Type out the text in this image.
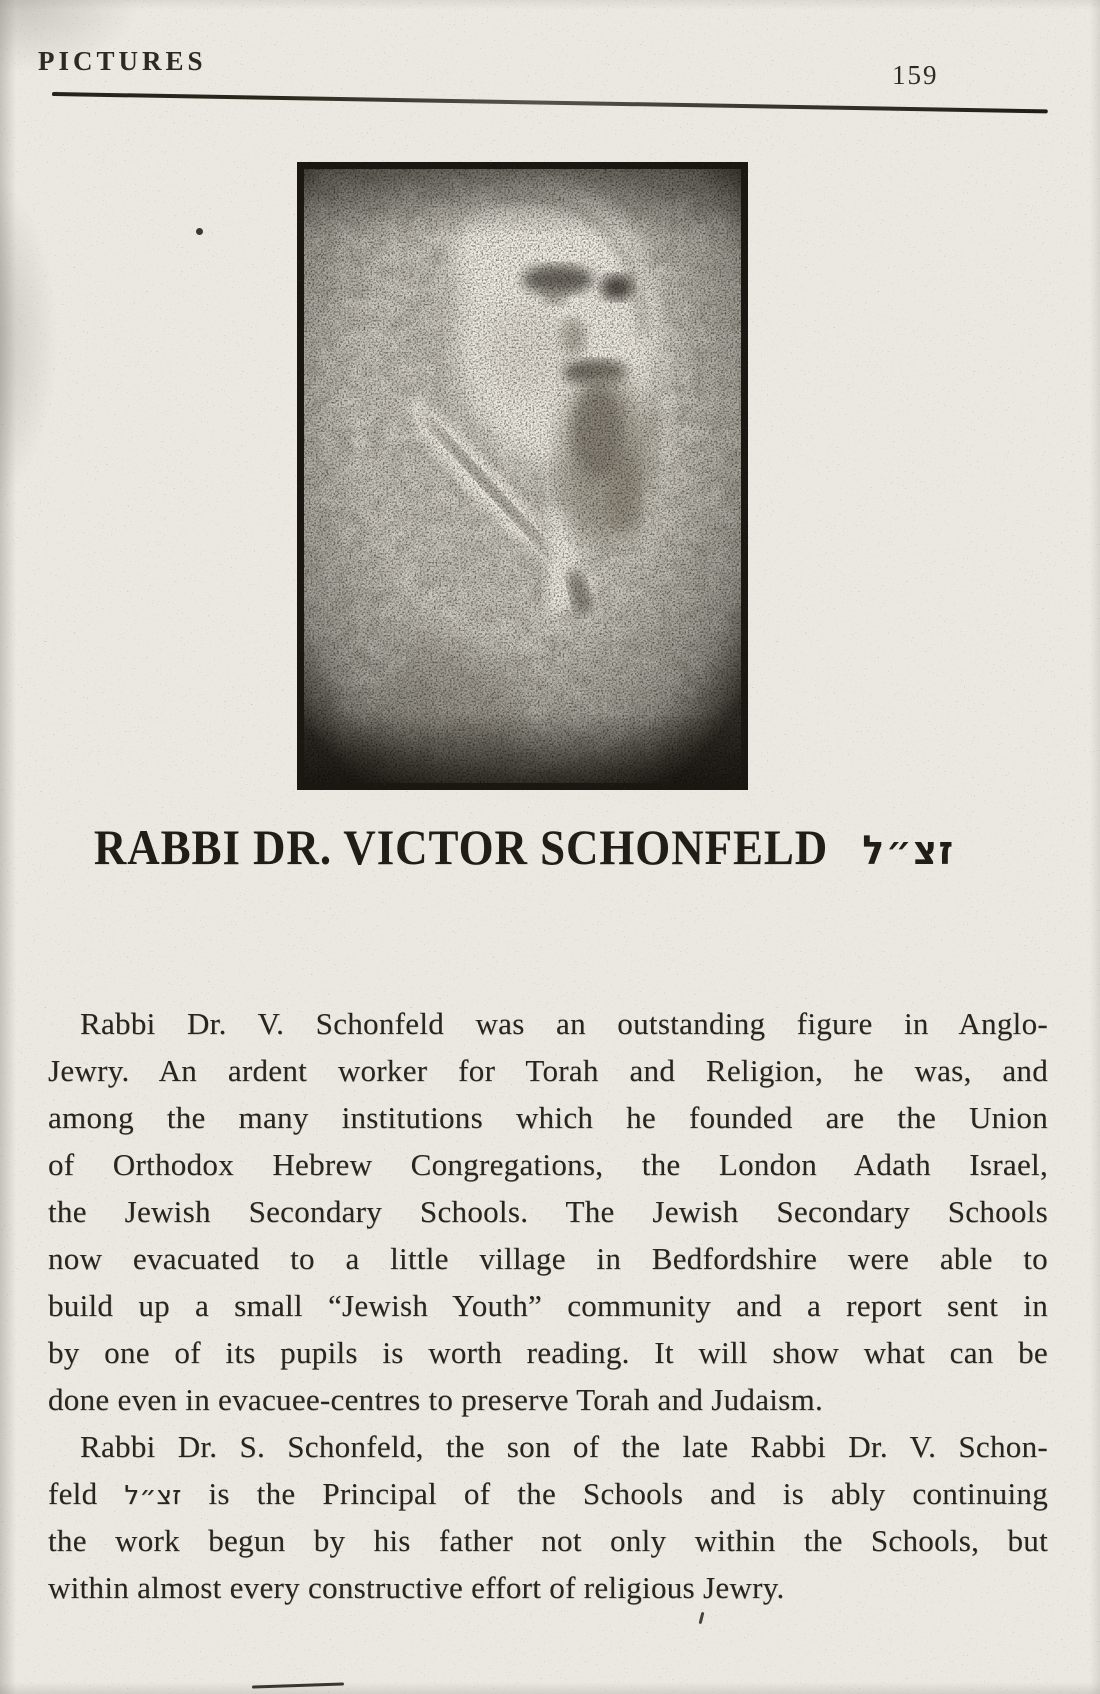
PICTURES	159
RABBI DR. VICTOR SCHONFELD זצ״ל
Rabbi Dr. V. Schonfeld was an outstanding figure in Anglo-
Jewry. An ardent worker for Torah and Religion, he was, and
among the many institutions which he founded are the Union
of Orthodox Hebrew Congregations, the London Adath Israel,
the Jewish Secondary Schools. The Jewish Secondary Schools
now evacuated to a little village in Bedfordshire were able to
build up a small “Jewish Youth” community and a report sent in
by one of its pupils is worth reading. It will show what can be
done even in evacuee-centres to preserve Torah and Judaism.
Rabbi Dr. S. Schonfeld, the son of the late Rabbi Dr. V. Schon-
feld זצ״ל is the Principal of the Schools and is ably continuing
the work begun by his father not only within the Schools, but
within almost every constructive effort of religious Jewry.
